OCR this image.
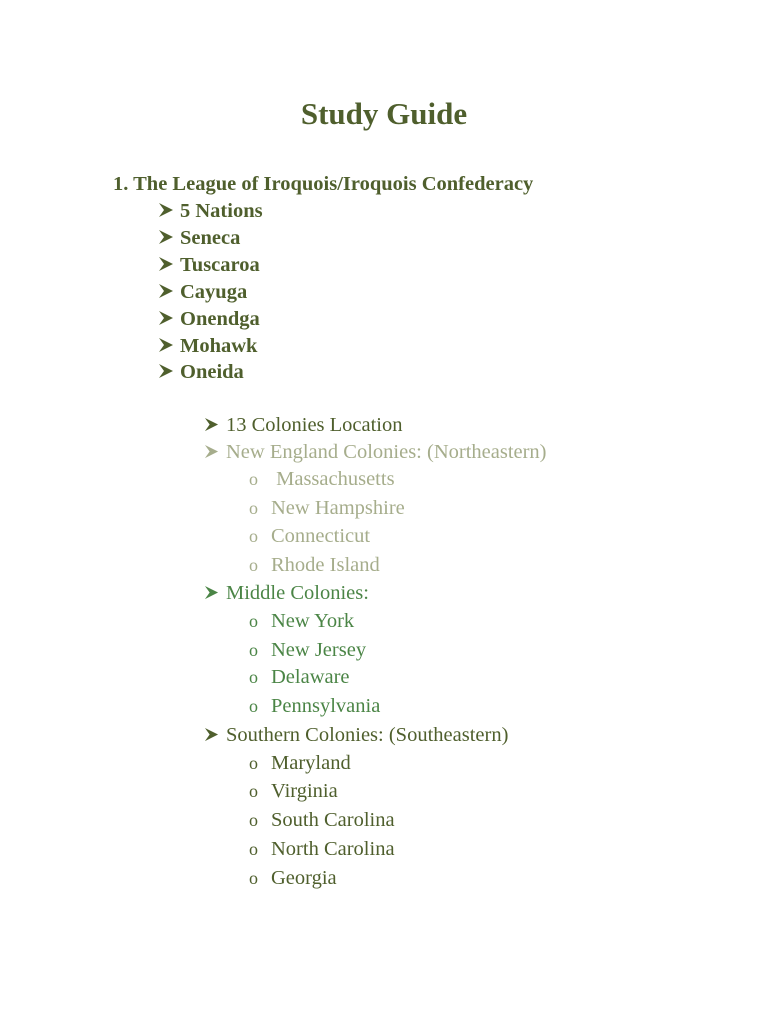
Study Guide
1. The League of Iroquois/Iroquois Confederacy
5 Nations
Seneca
Tuscaroa
Cayuga
Onendga
Mohawk
Oneida
13 Colonies Location
New England Colonies: (Northeastern)
o Massachusetts
o New Hampshire
o Connecticut
o Rhode Island
Middle Colonies:
o New York
o New Jersey
o Delaware
o Pennsylvania
Southern Colonies: (Southeastern)
o Maryland
o Virginia
o South Carolina
o North Carolina
o Georgia
